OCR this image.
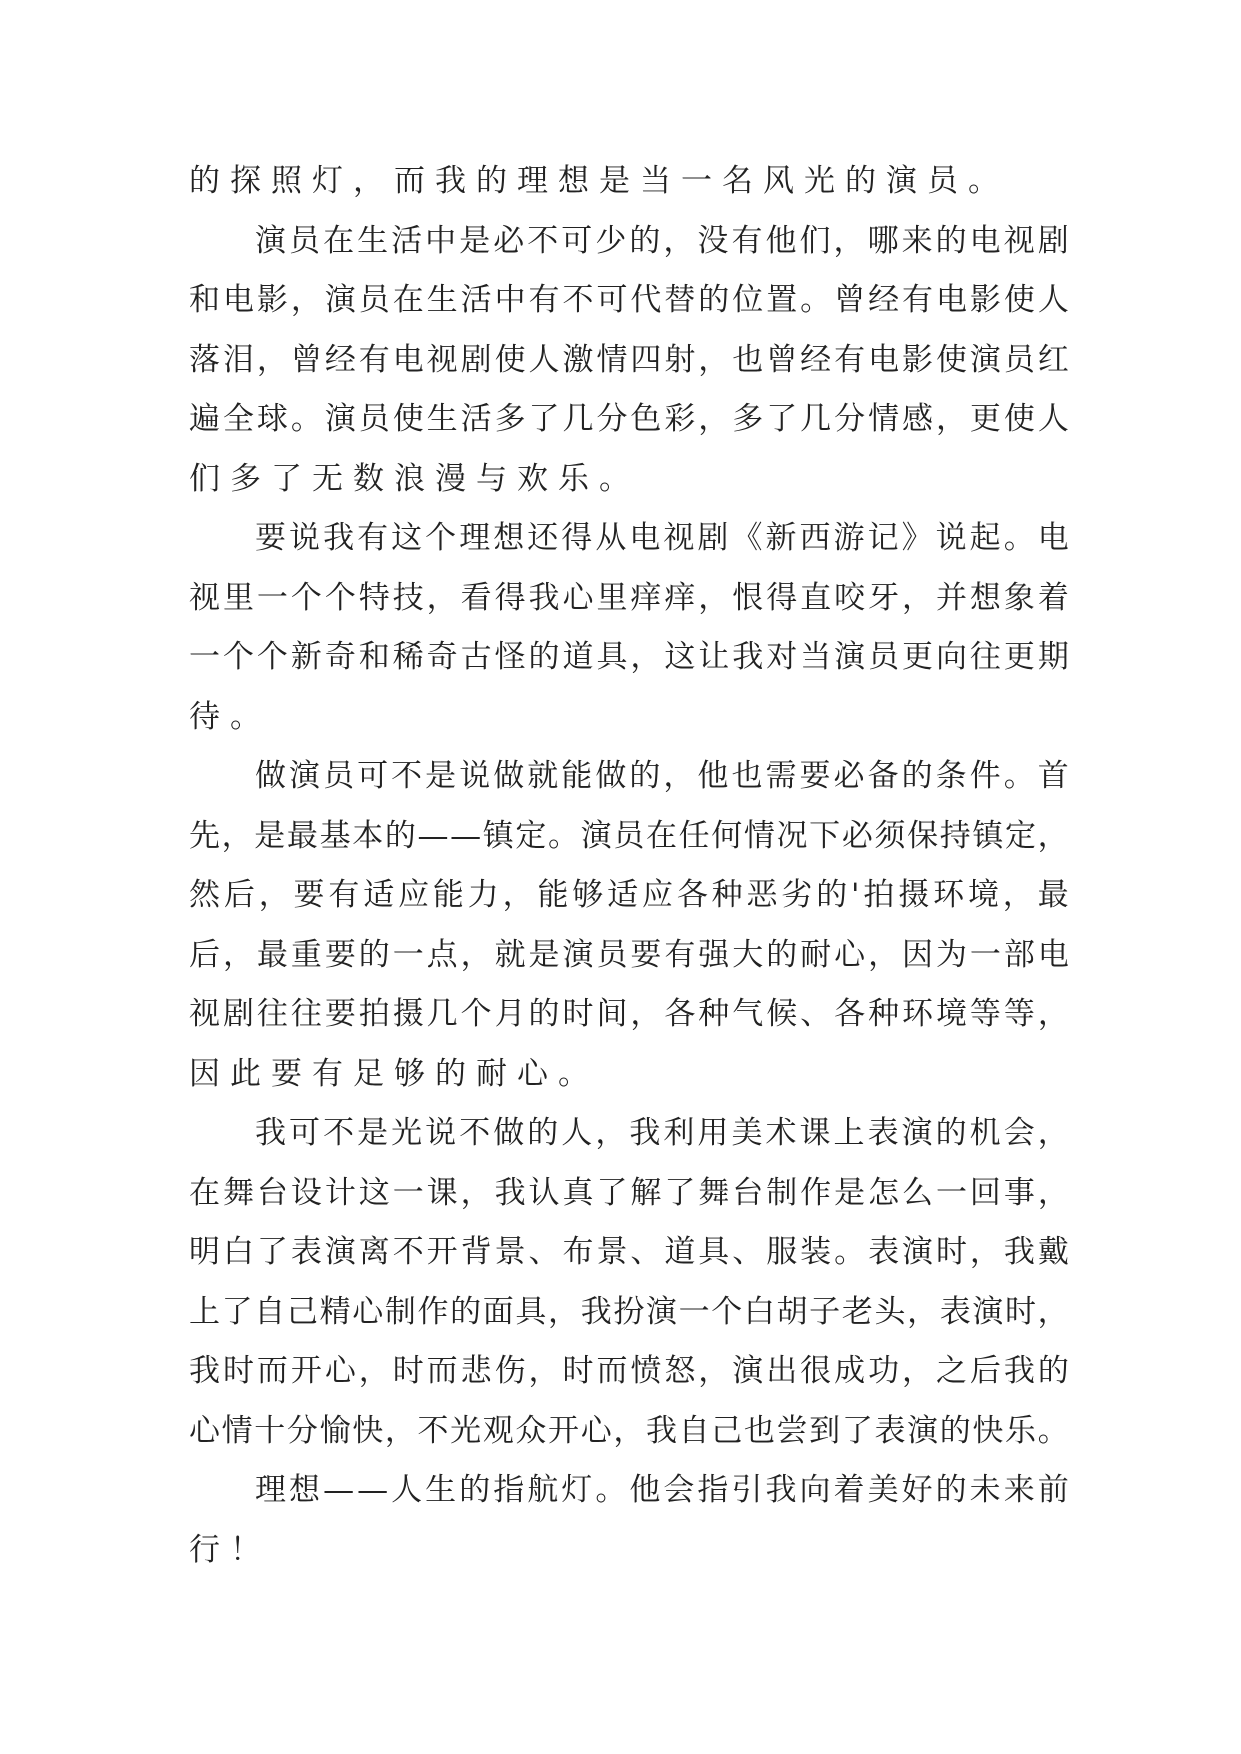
的 探 照 灯 ， 而 我 的 理 想 是 当 一 名 风 光 的 演 员 。
演 员 在 生 活 中 是 必 不 可 少 的 ， 没 有 他 们 ， 哪 来 的 电 视 剧
和 电 影 ， 演 员 在 生 活 中 有 不 可 代 替 的 位 置 。 曾 经 有 电 影 使 人
落 泪 ， 曾 经 有 电 视 剧 使 人 激 情 四 射 ， 也 曾 经 有 电 影 使 演 员 红
遍 全 球 。 演 员 使 生 活 多 了 几 分 色 彩 ， 多 了 几 分 情 感 ， 更 使 人
们 多 了 无 数 浪 漫 与 欢 乐 。
要 说 我 有 这 个 理 想 还 得 从 电 视 剧 《 新 西 游 记 》 说 起 。 电
视 里 一 个 个 特 技 ， 看 得 我 心 里 痒 痒 ， 恨 得 直 咬 牙 ， 并 想 象 着
一 个 个 新 奇 和 稀 奇 古 怪 的 道 具 ， 这 让 我 对 当 演 员 更 向 往 更 期
待 。
做 演 员 可 不 是 说 做 就 能 做 的 ， 他 也 需 要 必 备 的 条 件 。 首
先 ， 是 最 基 本 的 — — 镇 定 。 演 员 在 任 何 情 况 下 必 须 保 持 镇 定 ，
然 后 ， 要 有 适 应 能 力 ， 能 够 适 应 各 种 恶 劣 的 ' 拍 摄 环 境 ， 最
后 ， 最 重 要 的 一 点 ， 就 是 演 员 要 有 强 大 的 耐 心 ， 因 为 一 部 电
视 剧 往 往 要 拍 摄 几 个 月 的 时 间 ， 各 种 气 候 、 各 种 环 境 等 等 ，
因 此 要 有 足 够 的 耐 心 。
我 可 不 是 光 说 不 做 的 人 ， 我 利 用 美 术 课 上 表 演 的 机 会 ，
在 舞 台 设 计 这 一 课 ， 我 认 真 了 解 了 舞 台 制 作 是 怎 么 一 回 事 ，
明 白 了 表 演 离 不 开 背 景 、 布 景 、 道 具 、 服 装 。 表 演 时 ， 我 戴
上 了 自 己 精 心 制 作 的 面 具 ， 我 扮 演 一 个 白 胡 子 老 头 ， 表 演 时 ，
我 时 而 开 心 ， 时 而 悲 伤 ， 时 而 愤 怒 ， 演 出 很 成 功 ， 之 后 我 的
心 情 十 分 愉 快 ， 不 光 观 众 开 心 ， 我 自 己 也 尝 到 了 表 演 的 快 乐 。
理 想 — — 人 生 的 指 航 灯 。 他 会 指 引 我 向 着 美 好 的 未 来 前
行 ！
